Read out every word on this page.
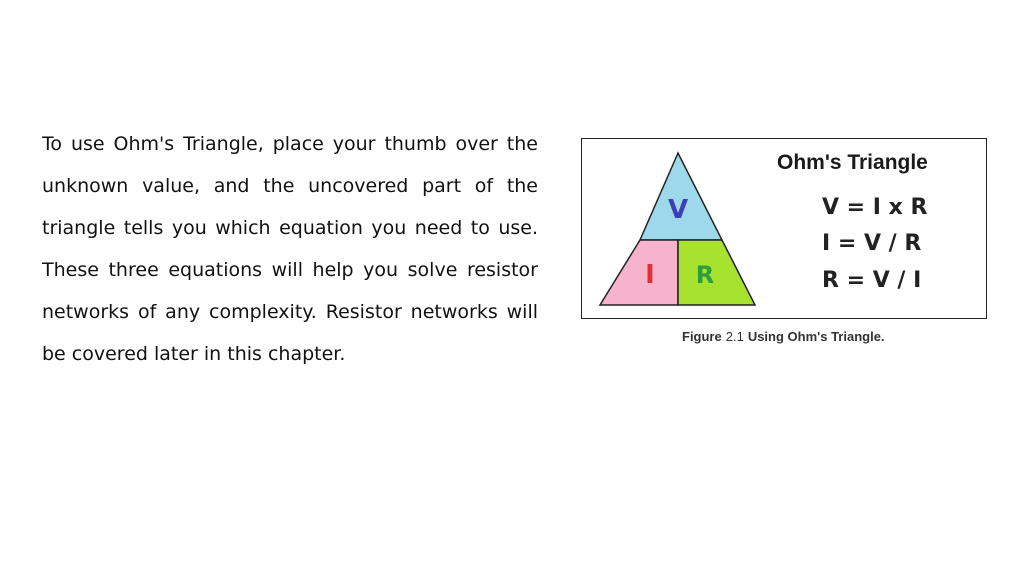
To use Ohm's Triangle, place your thumb over the unknown value, and the uncovered part of the triangle tells you which equation you need to use. These three equations will help you solve resistor networks of any complexity. Resistor networks will be covered later in this chapter.

V
I R
Ohm's Triangle
V = I x R
I = V / R
R = V / I
Figure 2.1 Using Ohm's Triangle.
